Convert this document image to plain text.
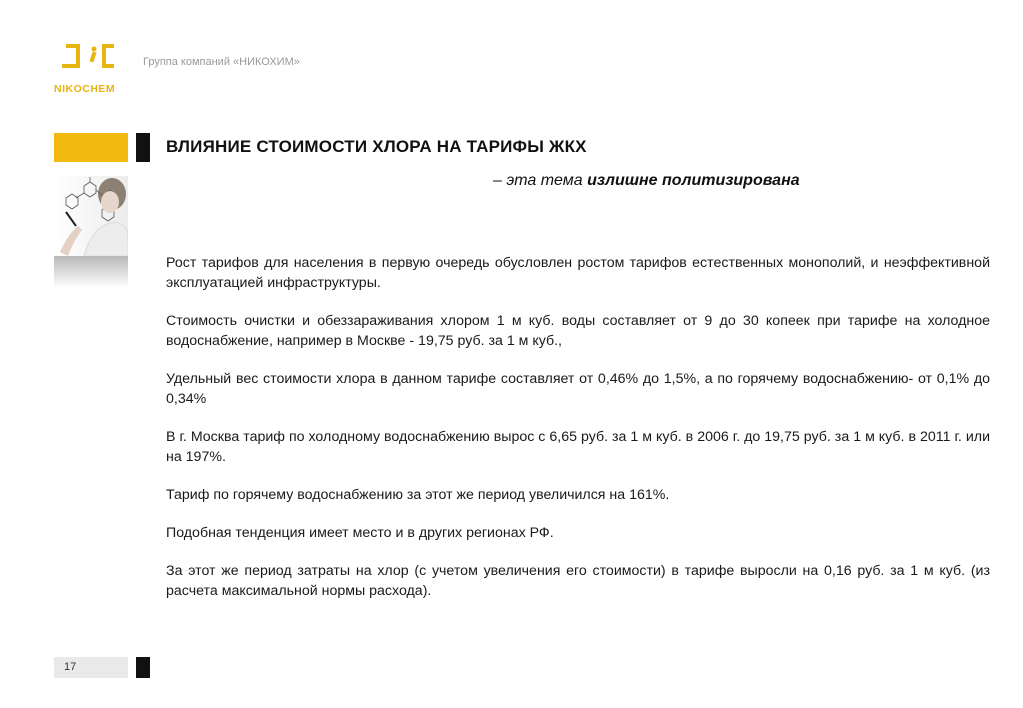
NIKOCHEM
Группа компаний «НИКОХИМ»
ВЛИЯНИЕ СТОИМОСТИ ХЛОРА НА ТАРИФЫ ЖКХ
– эта тема излишне политизирована

Рост тарифов для населения в первую очередь обусловлен ростом тарифов естественных монополий, и неэффективной эксплуатацией инфраструктуры.

Стоимость очистки и обеззараживания хлором 1 м куб. воды составляет от 9 до 30 копеек при тарифе на холодное водоснабжение, например в Москве - 19,75 руб. за 1 м куб.,

Удельный вес стоимости хлора в данном тарифе составляет от 0,46% до 1,5%, а по горячему водоснабжению- от 0,1% до 0,34%

В г. Москва тариф по холодному водоснабжению вырос с 6,65 руб. за 1 м куб. в 2006 г. до 19,75 руб. за 1 м куб. в 2011 г. или на 197%.

Тариф по горячему водоснабжению за этот же период увеличился на 161%.

Подобная тенденция имеет место и в других регионах РФ.

За этот же период затраты на хлор (с учетом увеличения его стоимости) в тарифе выросли на 0,16 руб. за 1 м куб. (из расчета максимальной нормы расхода).

17
